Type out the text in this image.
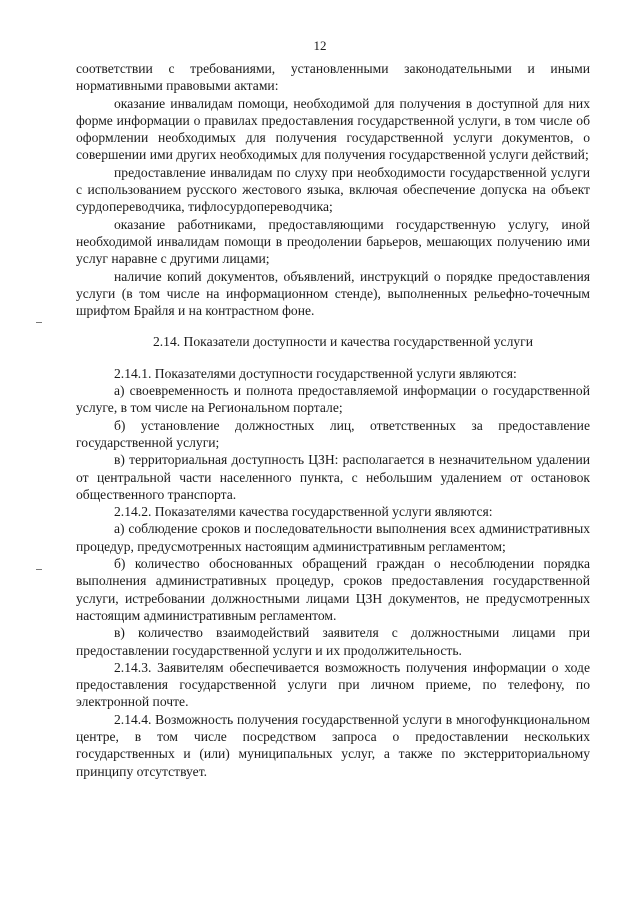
12

соответствии с требованиями, установленными законодательными и иными нормативными правовыми актами:

оказание инвалидам помощи, необходимой для получения в доступной для них форме информации о правилах предоставления государственной услуги, в том числе об оформлении необходимых для получения государственной услуги документов, о совершении ими других необходимых для получения государственной услуги действий;

предоставление инвалидам по слуху при необходимости государственной услуги с использованием русского жестового языка, включая обеспечение допуска на объект сурдопереводчика, тифлосурдопереводчика;

оказание работниками, предоставляющими государственную услугу, иной необходимой инвалидам помощи в преодолении барьеров, мешающих получению ими услуг наравне с другими лицами;

наличие копий документов, объявлений, инструкций о порядке предоставления услуги (в том числе на информационном стенде), выполненных рельефно-точечным шрифтом Брайля и на контрастном фоне.

2.14. Показатели доступности и качества государственной услуги

2.14.1. Показателями доступности государственной услуги являются:

а) своевременность и полнота предоставляемой информации о государственной услуге, в том числе на Региональном портале;

б) установление должностных лиц, ответственных за предоставление государственной услуги;

в) территориальная доступность ЦЗН: располагается в незначительном удалении от центральной части населенного пункта, с небольшим удалением от остановок общественного транспорта.

2.14.2. Показателями качества государственной услуги являются:

а) соблюдение сроков и последовательности выполнения всех административных процедур, предусмотренных настоящим административным регламентом;

б) количество обоснованных обращений граждан о несоблюдении порядка выполнения административных процедур, сроков предоставления государственной услуги, истребовании должностными лицами ЦЗН документов, не предусмотренных настоящим административным регламентом.

в) количество взаимодействий заявителя с должностными лицами при предоставлении государственной услуги и их продолжительность.

2.14.3. Заявителям обеспечивается возможность получения информации о ходе предоставления государственной услуги при личном приеме, по телефону, по электронной почте.

2.14.4. Возможность получения государственной услуги в многофункциональном центре, в том числе посредством запроса о предоставлении нескольких государственных и (или) муниципальных услуг, а также по экстерриториальному принципу отсутствует.
